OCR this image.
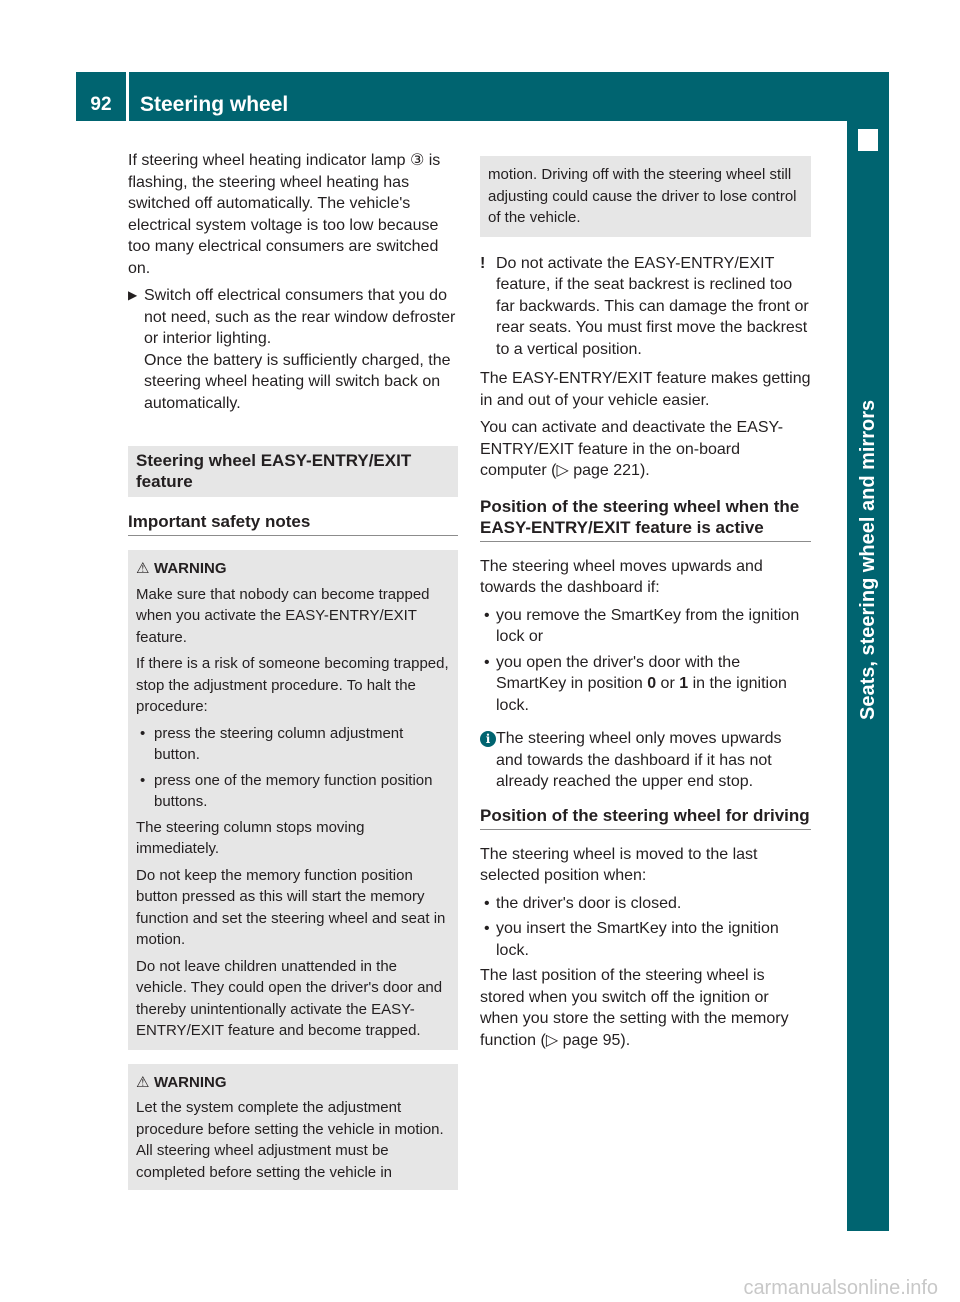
92	Steering wheel
Seats, steering wheel and mirrors

If steering wheel heating indicator lamp ③ is flashing, the steering wheel heating has switched off automatically. The vehicle's electrical system voltage is too low because too many electrical consumers are switched on.

▶ Switch off electrical consumers that you do not need, such as the rear window defroster or interior lighting.
Once the battery is sufficiently charged, the steering wheel heating will switch back on automatically.
Steering wheel EASY-ENTRY/EXIT feature
Important safety notes
⚠ WARNING

Make sure that nobody can become trapped when you activate the EASY-ENTRY/EXIT feature.

If there is a risk of someone becoming trapped, stop the adjustment procedure. To halt the procedure:

• press the steering column adjustment button.
• press one of the memory function position buttons.

The steering column stops moving immediately.

Do not keep the memory function position button pressed as this will start the memory function and set the steering wheel and seat in motion.

Do not leave children unattended in the vehicle. They could open the driver's door and thereby unintentionally activate the EASY-ENTRY/EXIT feature and become trapped.

⚠ WARNING

Let the system complete the adjustment procedure before setting the vehicle in motion. All steering wheel adjustment must be completed before setting the vehicle in

motion. Driving off with the steering wheel still adjusting could cause the driver to lose control of the vehicle.

! Do not activate the EASY-ENTRY/EXIT feature, if the seat backrest is reclined too far backwards. This can damage the front or rear seats. You must first move the backrest to a vertical position.

The EASY-ENTRY/EXIT feature makes getting in and out of your vehicle easier.

You can activate and deactivate the EASY-ENTRY/EXIT feature in the on-board computer (▷ page 221).

Position of the steering wheel when the EASY-ENTRY/EXIT feature is active

The steering wheel moves upwards and towards the dashboard if:

• you remove the SmartKey from the ignition lock or
• you open the driver's door with the SmartKey in position 0 or 1 in the ignition lock.
i The steering wheel only moves upwards and towards the dashboard if it has not already reached the upper end stop.
Position of the steering wheel for driving

The steering wheel is moved to the last selected position when:

• the driver's door is closed.
• you insert the SmartKey into the ignition lock.

The last position of the steering wheel is stored when you switch off the ignition or when you store the setting with the memory function (▷ page 95).

carmanualsonline.info
